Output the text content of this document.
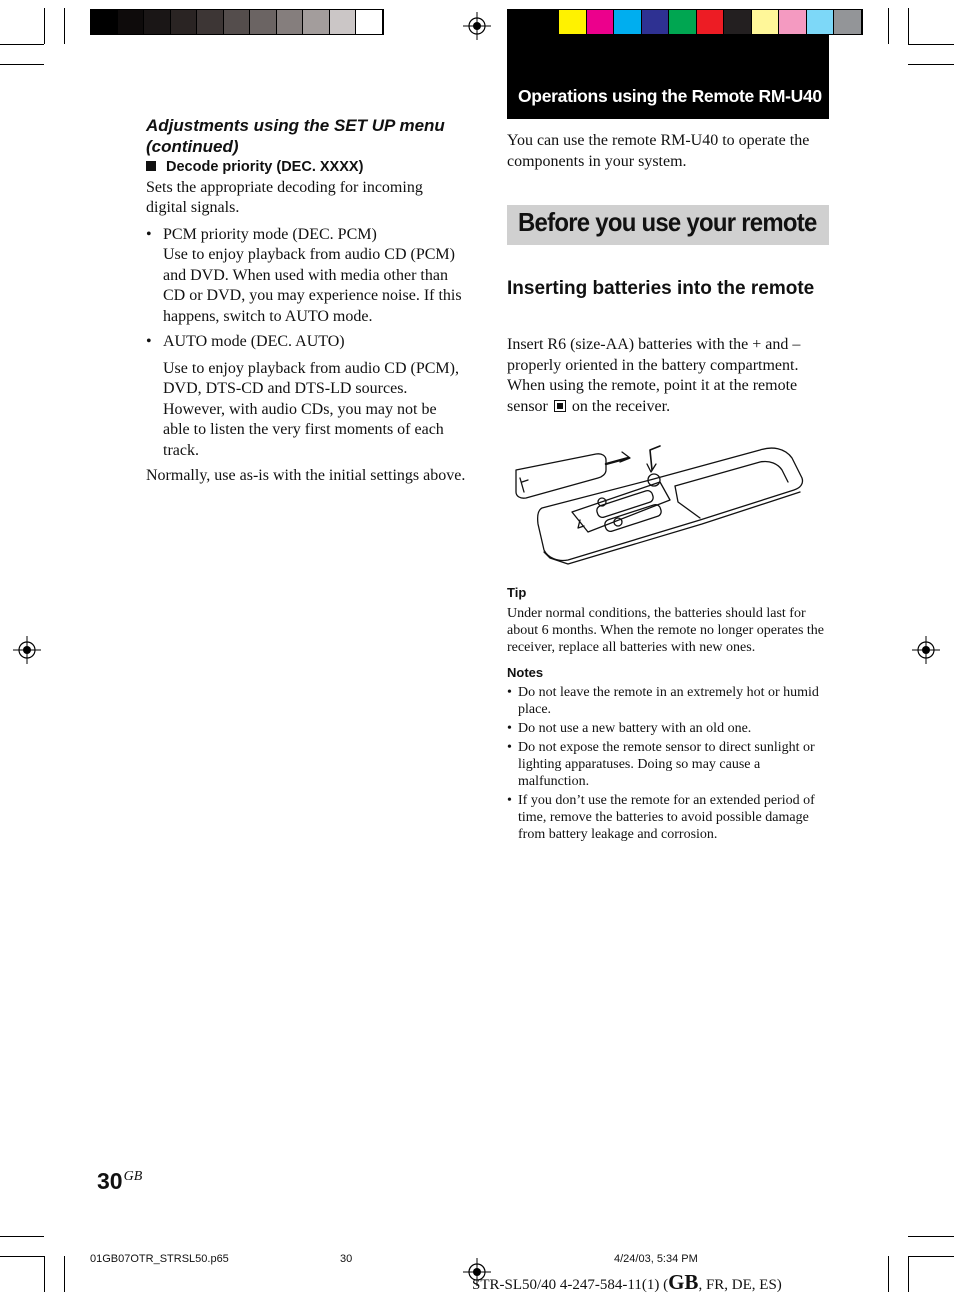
Operations using the Remote RM-U40

Adjustments using the SET UP menu (continued)

Decode priority (DEC. XXXX)

Sets the appropriate decoding for incoming digital signals.

• PCM priority mode (DEC. PCM)
Use to enjoy playback from audio CD (PCM) and DVD. When used with media other than CD or DVD, you may experience noise. If this happens, switch to AUTO mode.
• AUTO mode (DEC. AUTO)
Use to enjoy playback from audio CD (PCM), DVD, DTS-CD and DTS-LD sources. However, with audio CDs, you may not be able to listen the very first moments of each track.

Normally, use as-is with the initial settings above.

You can use the remote RM-U40 to operate the components in your system.

Before you use your remote

Inserting batteries into the remote

Insert R6 (size-AA) batteries with the + and – properly oriented in the battery compartment. When using the remote, point it at the remote sensor on the receiver.

Tip

Under normal conditions, the batteries should last for about 6 months. When the remote no longer operates the receiver, replace all batteries with new ones.

Notes

• Do not leave the remote in an extremely hot or humid place.
• Do not use a new battery with an old one.
• Do not expose the remote sensor to direct sunlight or lighting apparatuses. Doing so may cause a malfunction.
• If you don’t use the remote for an extended period of time, remove the batteries to avoid possible damage from battery leakage and corrosion.
$30^{GB}$
01GB07OTR_STRSL50.p65	30	4/24/03, 5:34 PM
STR-SL50/40 4-247-584-11(1) (GB, FR, DE, ES)
